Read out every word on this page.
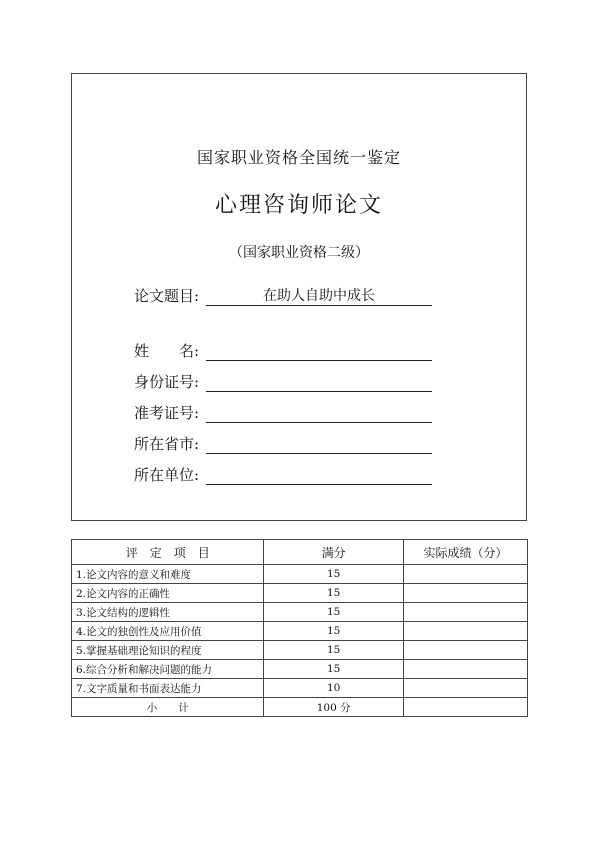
国家职业资格全国统一鉴定
心理咨询师论文
（国家职业资格二级）
论文题目:	在助人自助中成长
姓　　名:
身份证号:
准考证号:
所在省市:
所在单位:
评　定　项　目	满分	实际成绩（分）
1.论文内容的意义和难度	15	
2.论文内容的正确性	15	
3.论文结构的逻辑性	15	
4.论文的独创性及应用价值	15	
5.掌握基础理论知识的程度	15	
6.综合分析和解决问题的能力	15	
7.文字质量和书面表达能力	10	
小　　计	100 分	
